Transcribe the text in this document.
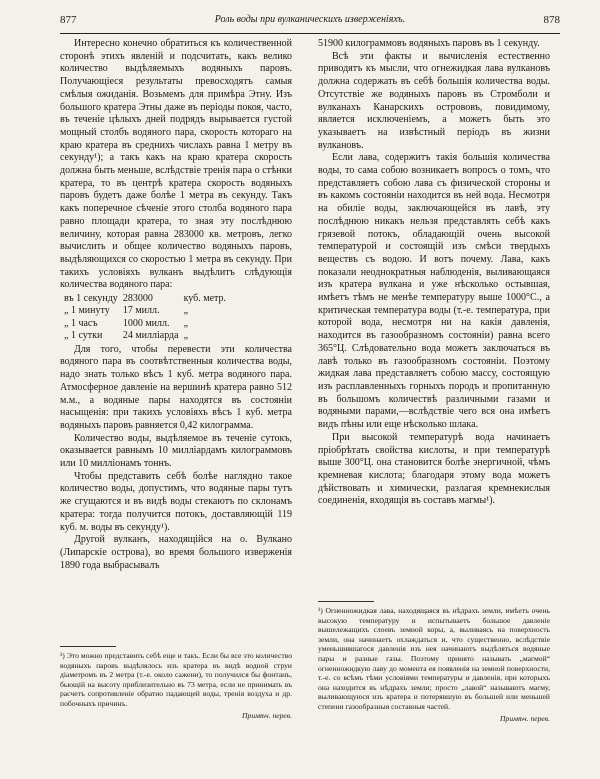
877	Роль воды при вулканическихъ изверженіяхъ.	878

Интересно конечно обратиться къ количественной сторонѣ этихъ явленій и подсчитать, какъ велико количество выдѣляемыхъ водяныхъ паровъ. Получающіеся результаты превосходятъ самыя смѣлыя ожиданія. Возьмемъ для примѣра Этну. Изъ большого кратера Этны даже въ періоды покоя, часто, въ теченіе цѣлыхъ дней подрядъ вырывается густой мощный столбъ водяного пара, скорость котораго на краю кратера въ среднихъ числахъ равна 1 метру въ секунду¹); а такъ какъ на краю кратера скорость должна быть меньше, вслѣдствіе тренія пара о стѣнки кратера, то въ центрѣ кратера скорость водяныхъ паровъ будетъ даже болѣе 1 метра въ секунду. Такъ какъ поперечное сѣченіе этого столба водяного пара равно площади кратера, то зная эту послѣднюю величину, которая равна 283000 кв. метровъ, легко вычислить и общее количество водяныхъ паровъ, выдѣляющихся со скоростью 1 метра въ секунду. При такихъ условіяхъ вулканъ выдѣлитъ слѣдующія количества водяного пара:

въ 1 секунду	283000	куб. метр.
„ 1 минуту	17 милл.	„
„ 1 часъ	1000 милл.	„
„ 1 сутки	24 милліарда	„

Для того, чтобы перевести эти количества водяного пара въ соотвѣтственныя количества воды, надо знать только вѣсъ 1 куб. метра водяного пара. Атмосферное давленіе на вершинѣ кратера равно 512 м.м., а водяные пары находятся въ состояніи насыщенія: при такихъ условіяхъ вѣсъ 1 куб. метра водяныхъ паровъ равняется 0,42 килограмма.

Количество воды, выдѣляемое въ теченіе сутокъ, оказывается равнымъ 10 милліардамъ килограммовъ или 10 милліонамъ тоннъ.

Чтобы представить себѣ болѣе наглядно такое количество воды, допустимъ, что водяные пары тутъ же сгущаются и въ видѣ воды стекаютъ по склонамъ кратера: тогда получится потокъ, доставляющій 119 куб. м. воды въ секунду¹).

Другой вулканъ, находящійся на о. Вулкано (Липарскіе острова), во время большого изверженія 1890 года выбрасывалъ

51900 килограммовъ водяныхъ паровъ въ 1 секунду.

Всѣ эти факты и вычисленія естественно приводятъ къ мысли, что огнежидкая лава вулкановъ должна содержать въ себѣ большія количества воды. Отсутствіе же водяныхъ паровъ въ Стромболи и вулканахъ Канарскихъ острововъ, повидимому, является исключеніемъ, а можетъ быть это указываетъ на извѣстный періодъ въ жизни вулкановъ.

Если лава, содержитъ такія большія количества воды, то сама собою возникаетъ вопросъ о томъ, что представляетъ собою лава съ физической стороны и въ какомъ состояніи находится въ ней вода. Несмотря на обиліе воды, заключающейся въ лавѣ, эту послѣднюю никакъ нельзя представлять себѣ какъ грязевой потокъ, обладающій очень высокой температурой и состоящій изъ смѣси твердыхъ веществъ съ водою. И вотъ почему. Лава, какъ показали неоднократныя наблюденія, выливающаяся изъ кратера вулкана и уже нѣсколько остывшая, имѣетъ тѣмъ не менѣе температуру выше 1000°С., а критическая температура воды (т.-е. температура, при которой вода, несмотря ни на какія давленія, находится въ газообразномъ состояніи) равна всего 365°Ц. Слѣдовательно вода можетъ заключаться въ лавѣ только въ газообразномъ состояніи. Поэтому жидкая лава представляетъ собою массу, состоящую изъ расплавленныхъ горныхъ породъ и пропитанную въ большомъ количествѣ различными газами и водяными парами,—вслѣдствіе чего вся она имѣетъ видъ пѣны или еще нѣсколько шлака.

При высокой температурѣ вода начинаетъ пріобрѣтать свойства кислоты, и при температурѣ выше 300°Ц. она становится болѣе энергичной, чѣмъ кремневая кислота; благодаря этому вода можетъ дѣйствовать и химически, разлагая кремнекислыя соединенія, входящія въ составъ магмы¹).

¹) Это можно представить себѣ еще и такъ. Если бы все это количество водяныхъ паровъ выдѣлялось изъ кратера въ видѣ водной струи діаметромъ въ 2 метра (т.-е. около сажени), то получился бы фонтанъ, бьющій на высоту приблизительно въ 73 метра, если не принимать въ расчетъ сопротивленіе обратно падающей воды, тренія воздуха и др. побочныхъ причинъ.

Примѣч. перев.

¹) Огненножидкая лава, находящаяся въ нѣдрахъ земли, имѣетъ очень высокую температуру и испытываетъ большое давленіе вышележащихъ слоевъ земной коры, а, выливаясь на поверхность земли, она начинаетъ охлаждаться и, что существенно, вслѣдствіе уменьшившагося давленія изъ нея начинаютъ выдѣляться водяные пары и разные газы. Поэтому принято называть „магмой“ огненножидкую лаву до момента ея появленія на земной поверхности, т.-е. со всѣмъ тѣми условіями температуры и давленія, при которыхъ она находится въ нѣдрахъ земли; просто „лавой“ называютъ магму, выливающуюся изъ кратера и потерявшую въ большей или меньшей степени газообразныя составныя частей.

Примѣч. перев.
